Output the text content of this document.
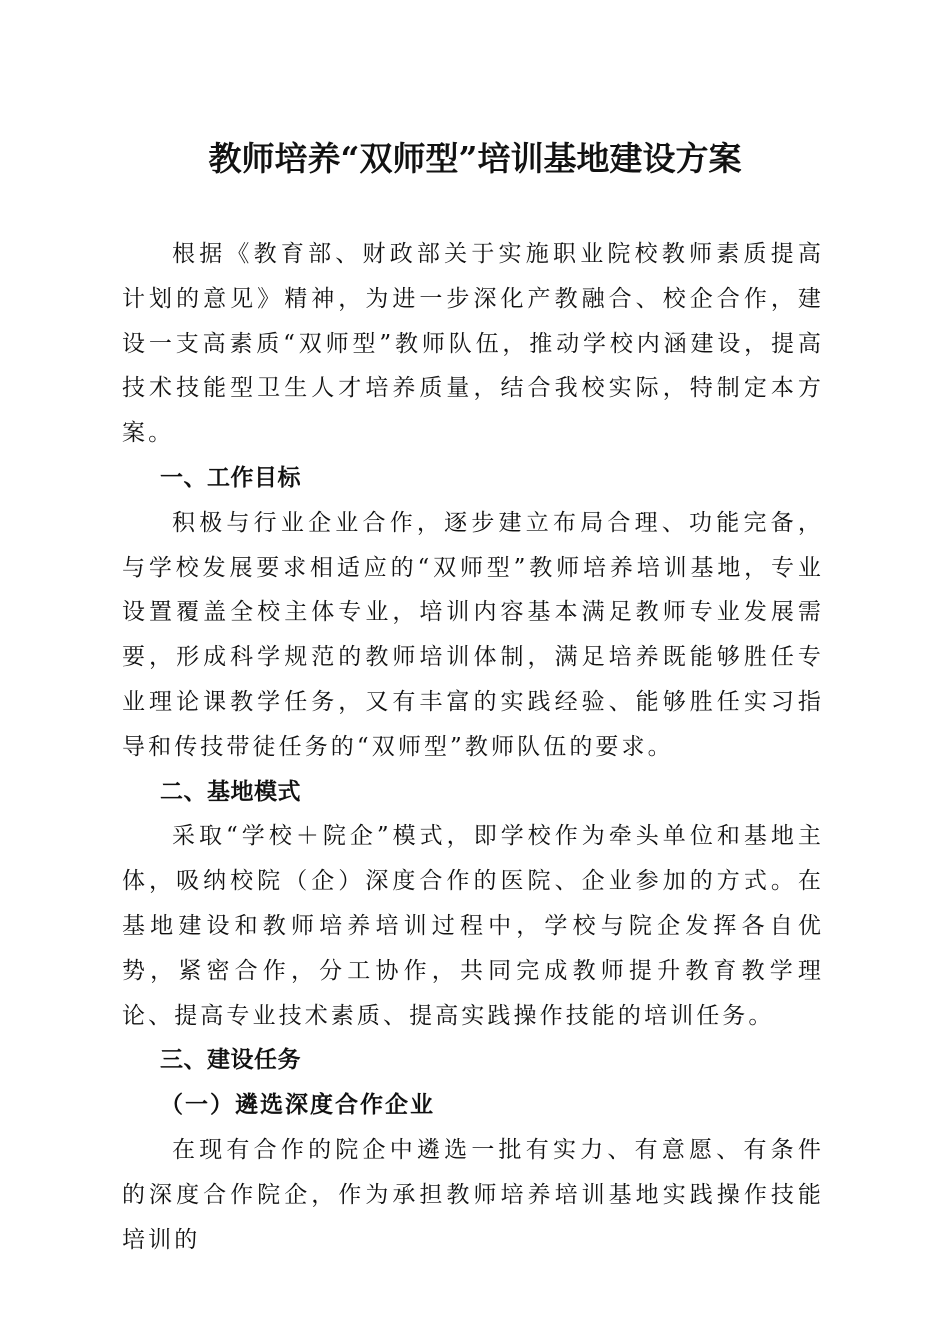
教师培养“双师型”培训基地建设方案

根据《教育部、财政部关于实施职业院校教师素质提高计划的意见》精神，为进一步深化产教融合、校企合作，建设一支高素质“双师型”教师队伍，推动学校内涵建设，提高技术技能型卫生人才培养质量，结合我校实际，特制定本方案。

一、工作目标

积极与行业企业合作，逐步建立布局合理、功能完备，与学校发展要求相适应的“双师型”教师培养培训基地，专业设置覆盖全校主体专业，培训内容基本满足教师专业发展需要，形成科学规范的教师培训体制，满足培养既能够胜任专业理论课教学任务，又有丰富的实践经验、能够胜任实习指导和传技带徒任务的“双师型”教师队伍的要求。

二、基地模式

采取“学校＋院企”模式，即学校作为牵头单位和基地主体，吸纳校院（企）深度合作的医院、企业参加的方式。在基地建设和教师培养培训过程中，学校与院企发挥各自优势，紧密合作，分工协作，共同完成教师提升教育教学理论、提高专业技术素质、提高实践操作技能的培训任务。

三、建设任务
（一）遴选深度合作企业

在现有合作的院企中遴选一批有实力、有意愿、有条件的深度合作院企，作为承担教师培养培训基地实践操作技能培训的
